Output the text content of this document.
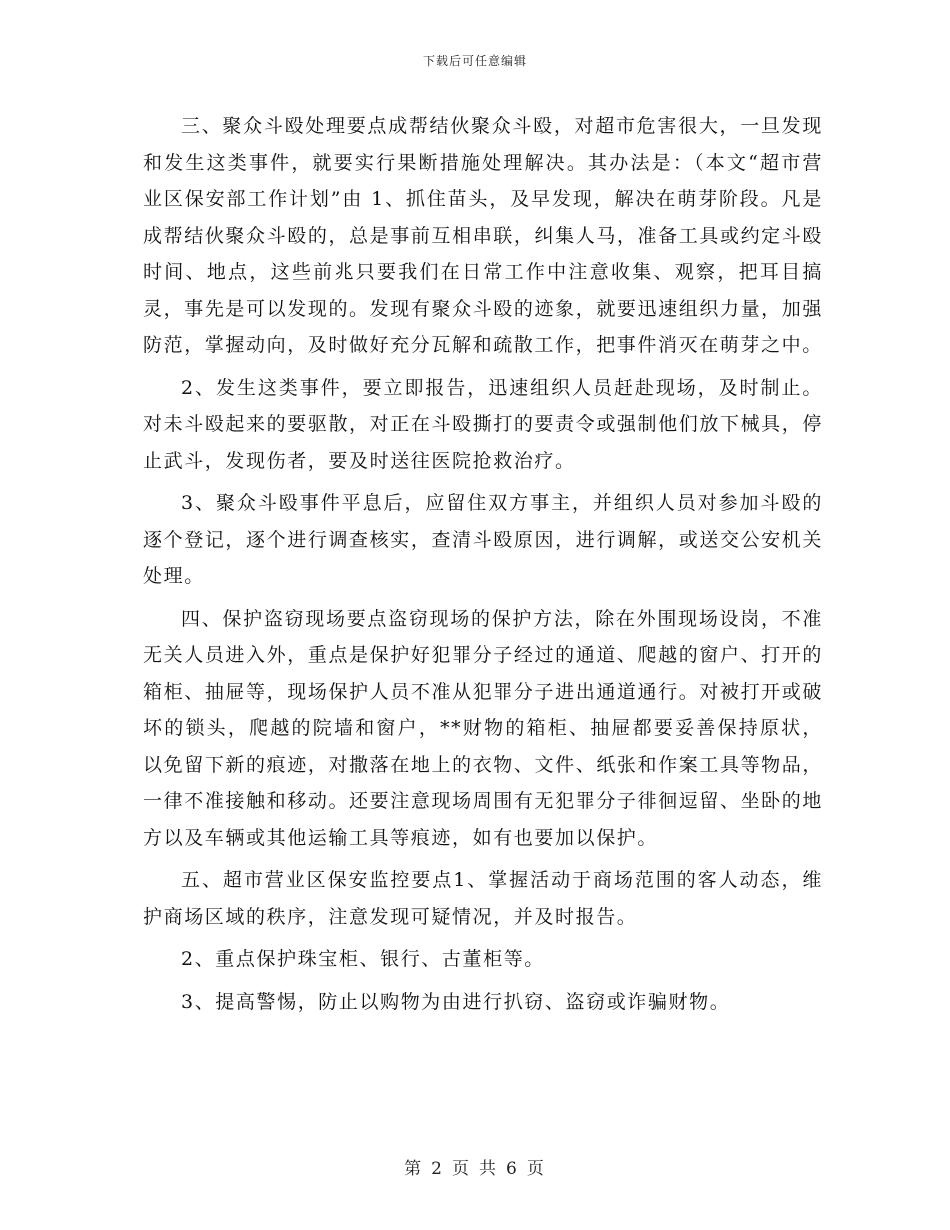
下载后可任意编辑

三、聚众斗殴处理要点成帮结伙聚众斗殴，对超市危害很大，一旦发现和发生这类事件，就要实行果断措施处理解决。其办法是：（本文“超市营业区保安部工作计划”由 1、抓住苗头，及早发现，解决在萌芽阶段。凡是成帮结伙聚众斗殴的，总是事前互相串联，纠集人马，准备工具或约定斗殴时间、地点，这些前兆只要我们在日常工作中注意收集、观察，把耳目搞灵，事先是可以发现的。发现有聚众斗殴的迹象，就要迅速组织力量，加强防范，掌握动向，及时做好充分瓦解和疏散工作，把事件消灭在萌芽之中。

2、发生这类事件，要立即报告，迅速组织人员赶赴现场，及时制止。对未斗殴起来的要驱散，对正在斗殴撕打的要责令或强制他们放下械具，停止武斗，发现伤者，要及时送往医院抢救治疗。

3、聚众斗殴事件平息后，应留住双方事主，并组织人员对参加斗殴的逐个登记，逐个进行调查核实，查清斗殴原因，进行调解，或送交公安机关处理。

四、保护盗窃现场要点盗窃现场的保护方法，除在外围现场设岗，不准无关人员进入外，重点是保护好犯罪分子经过的通道、爬越的窗户、打开的箱柜、抽屉等，现场保护人员不准从犯罪分子进出通道通行。对被打开或破坏的锁头，爬越的院墙和窗户，**财物的箱柜、抽屉都要妥善保持原状，以免留下新的痕迹，对撒落在地上的衣物、文件、纸张和作案工具等物品，一律不准接触和移动。还要注意现场周围有无犯罪分子徘徊逗留、坐卧的地方以及车辆或其他运输工具等痕迹，如有也要加以保护。

五、超市营业区保安监控要点1、掌握活动于商场范围的客人动态，维护商场区域的秩序，注意发现可疑情况，并及时报告。

2、重点保护珠宝柜、银行、古董柜等。

3、提高警惕，防止以购物为由进行扒窃、盗窃或诈骗财物。

第 2 页 共 6 页
